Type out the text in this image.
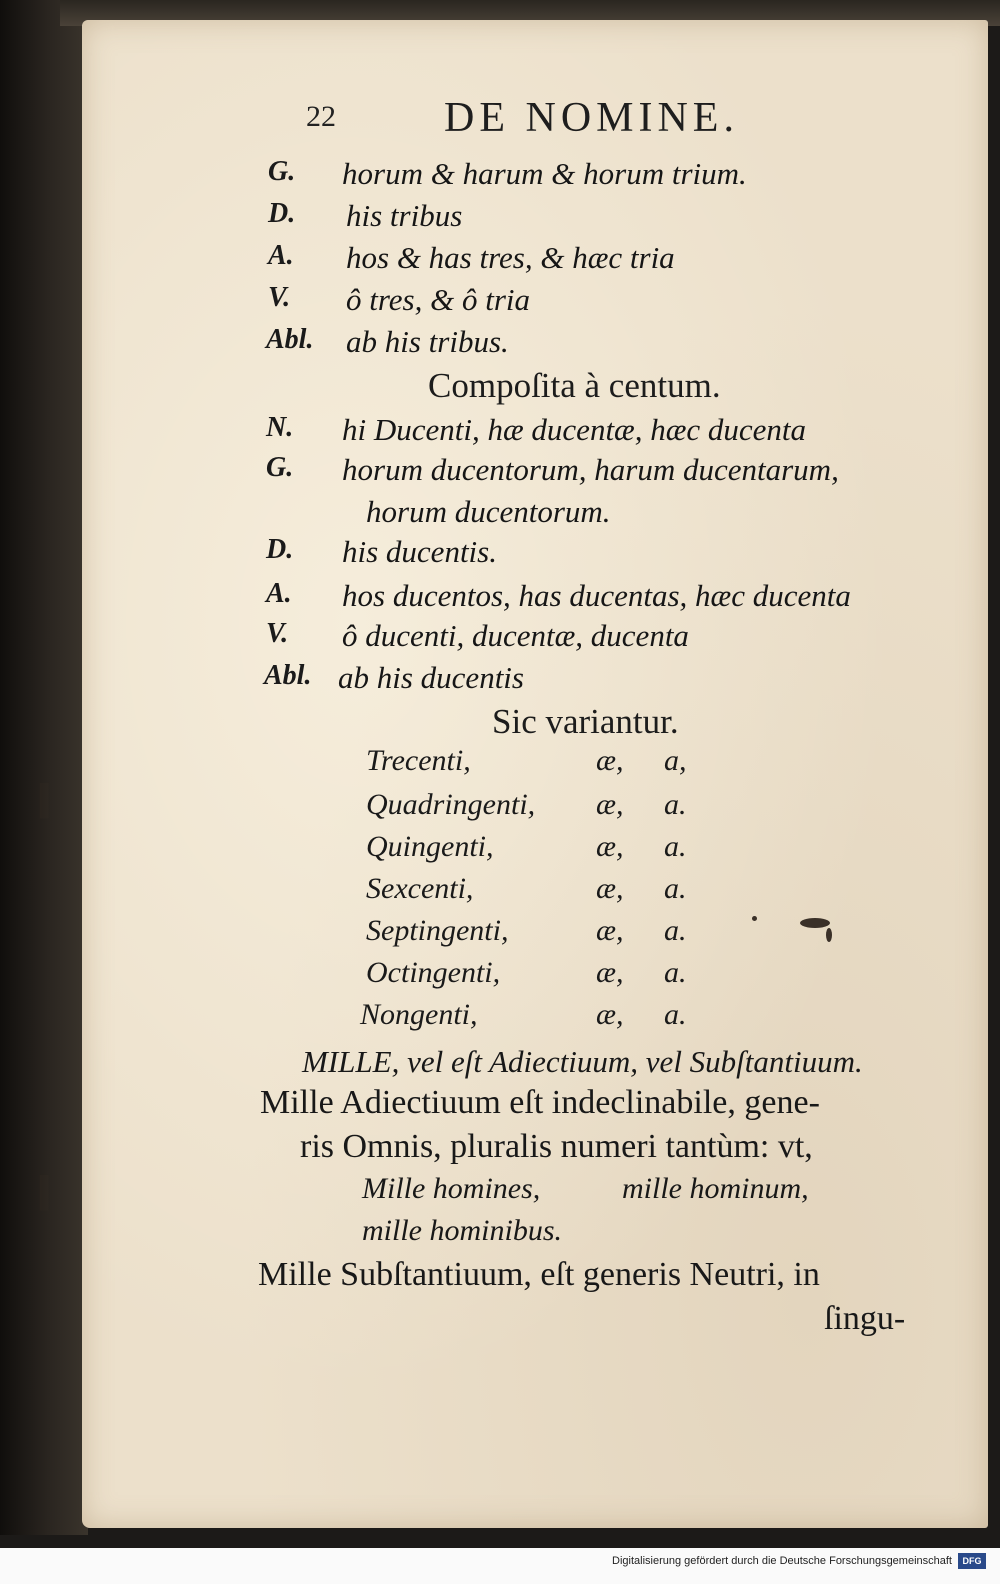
▍
▍
22	DE NOMINE.
G. horum & harum & horum trium.
D. his tribus
A. hos & has tres, & hæc tria
V. ô tres, & ô tria
Abl. ab his tribus.
Compoſita à centum.
N. hi Ducenti, hæ ducentæ, hæc ducenta
G. horum ducentorum, harum ducentarum,
horum ducentorum.
D. his ducentis.
A. hos ducentos, has ducentas, hæc ducenta
V. ô ducenti, ducentæ, ducenta
Abl. ab his ducentis
Sic variantur.
Trecenti,	æ, a,
Quadringenti, æ, a.
Quingenti,	æ, a.
Sexcenti,	æ, a.
Septingenti,	æ, a.
Octingenti,	æ, a.
Nongenti,	æ, a.
MILLE, vel eſt Adiectiuum, vel Subſtantiuum.
Mille Adiectiuum eſt indeclinabile, gene-
ris Omnis, pluralis numeri tantùm: vt,
Mille homines,	mille hominum,
mille hominibus.
Mille Subſtantiuum, eſt generis Neutri, in
ſingu-
Digitalisierung gefördert durch die Deutsche Forschungsgemeinschaft	DFG
